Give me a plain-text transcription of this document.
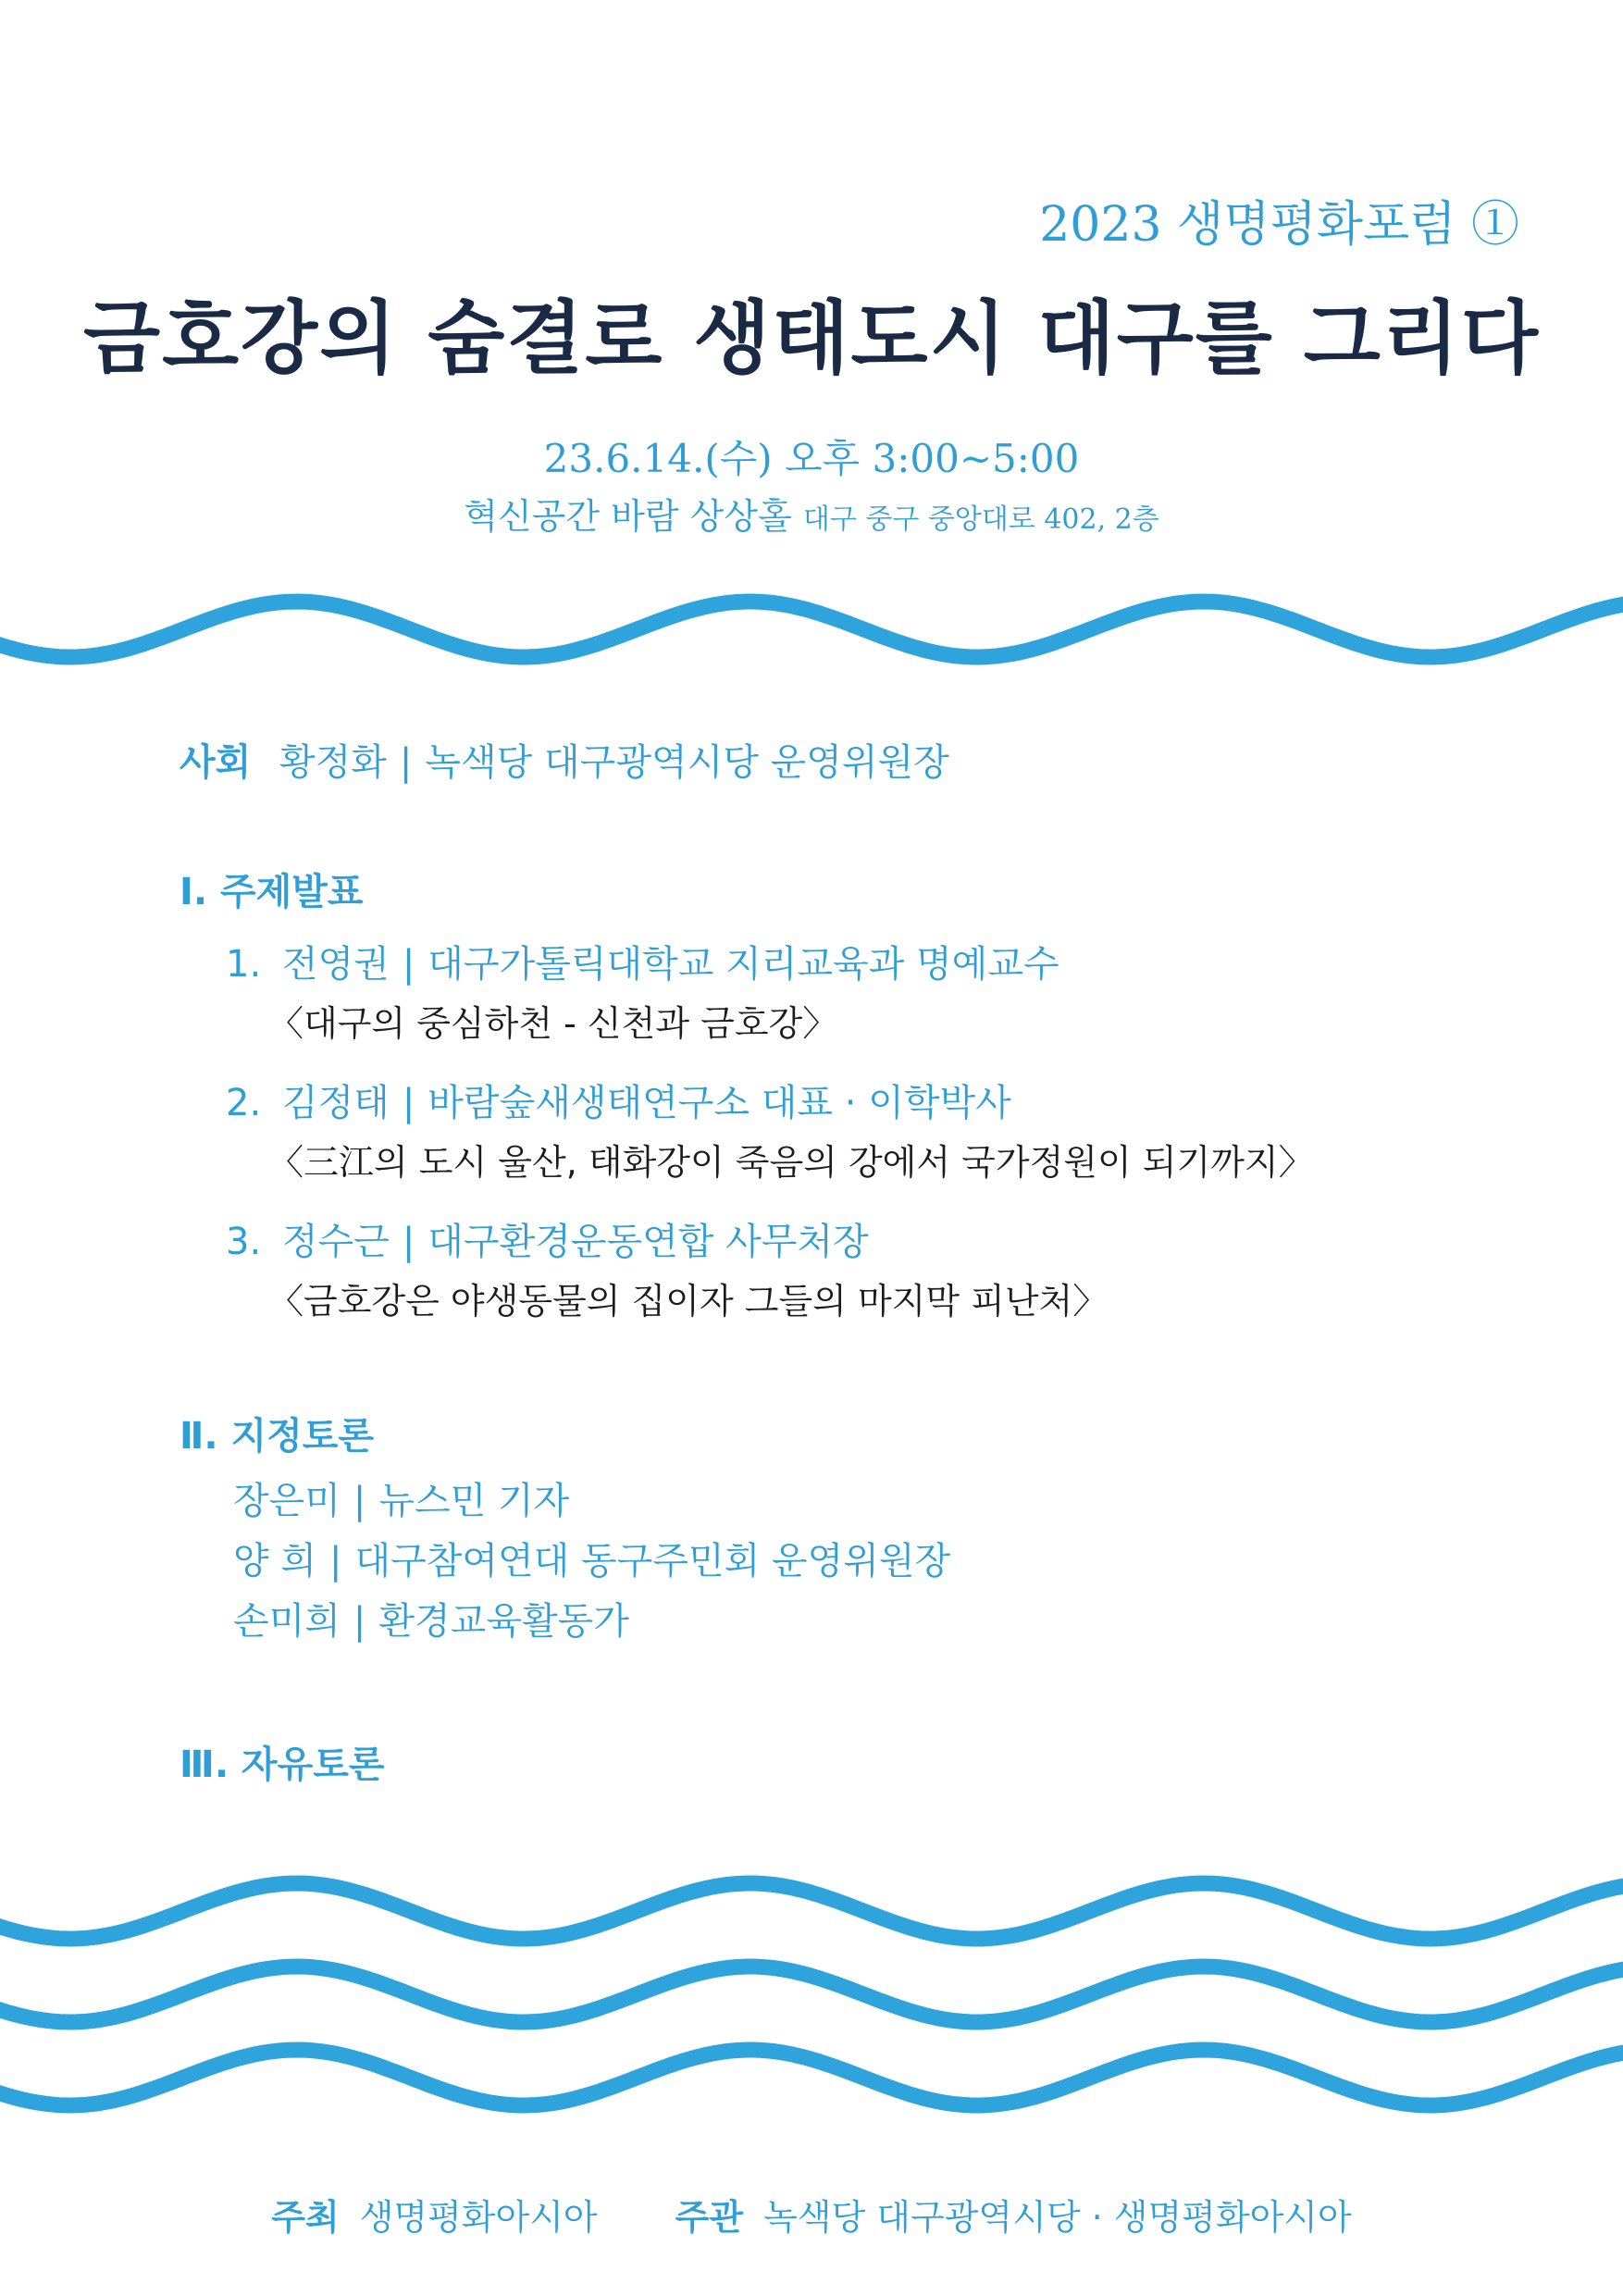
2023 생명평화포럼 ①
금호강의 숨결로 생태도시 대구를 그리다
23.6.14.(수) 오후 3:00~5:00
혁신공간 바람 상상홀 대구 중구 중앙대로 402, 2층
사회 황정화 | 녹색당 대구광역시당 운영위원장
Ⅰ. 주제발표
1. 전영권 | 대구가톨릭대학교 지리교육과 명예교수
〈대구의 중심하천 - 신천과 금호강〉
2. 김정태 | 바람숲새생태연구소 대표 · 이학박사
〈三江의 도시 울산, 태화강이 죽음의 강에서 국가정원이 되기까지〉
3. 정수근 | 대구환경운동연합 사무처장
〈금호강은 야생동물의 집이자 그들의 마지막 피난처〉
Ⅱ. 지정토론
장은미 | 뉴스민 기자
양 희 | 대구참여연대 동구주민회 운영위원장
손미희 | 환경교육활동가
Ⅲ. 자유토론
주최 생명평화아시아 주관 녹색당 대구광역시당 · 생명평화아시아
